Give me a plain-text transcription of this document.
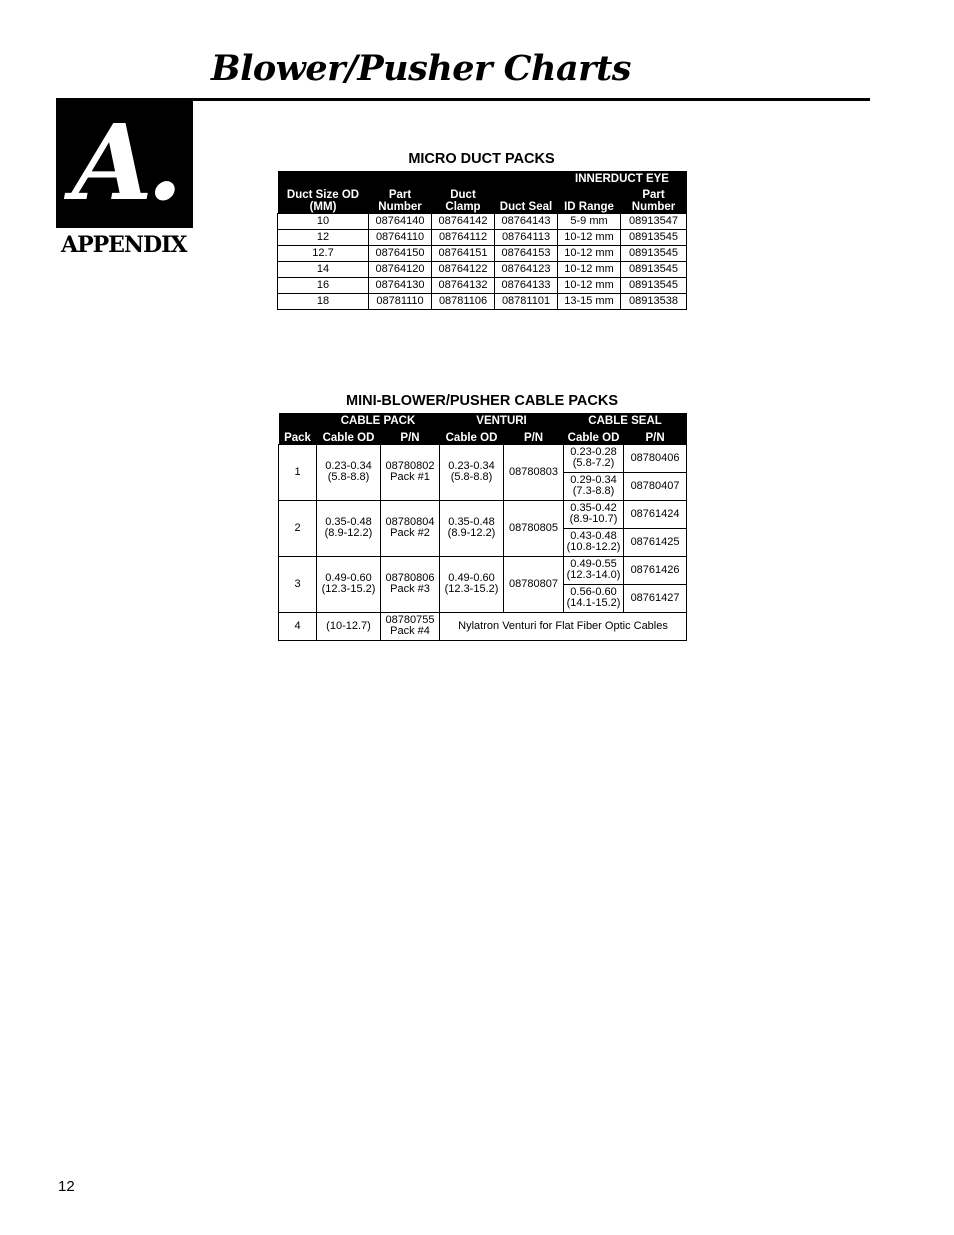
Blower/Pusher Charts
A.
APPENDIX
MICRO DUCT PACKS
				INNERDUCT EYE	
Duct Size OD (MM)	Part Number	Duct Clamp	Duct Seal	ID Range	Part Number
10	08764140	08764142	08764143	5-9 mm	08913547
12	08764110	08764112	08764113	10-12 mm	08913545
12.7	08764150	08764151	08764153	10-12 mm	08913545
14	08764120	08764122	08764123	10-12 mm	08913545
16	08764130	08764132	08764133	10-12 mm	08913545
18	08781110	08781106	08781101	13-15 mm	08913538
MINI-BLOWER/PUSHER CABLE PACKS
	CABLE PACK		VENTURI		CABLE SEAL	
Pack	Cable OD	P/N	Cable OD	P/N	Cable OD	P/N
1	0.23-0.34 (5.8-8.8)	08780802 Pack #1	0.23-0.34 (5.8-8.8)	08780803	0.23-0.28 (5.8-7.2)	08780406
					0.29-0.34 (7.3-8.8)	08780407
2	0.35-0.48 (8.9-12.2)	08780804 Pack #2	0.35-0.48 (8.9-12.2)	08780805	0.35-0.42 (8.9-10.7)	08761424
					0.43-0.48 (10.8-12.2)	08761425
3	0.49-0.60 (12.3-15.2)	08780806 Pack #3	0.49-0.60 (12.3-15.2)	08780807	0.49-0.55 (12.3-14.0)	08761426
					0.56-0.60 (14.1-15.2)	08761427
4	(10-12.7)	08780755 Pack #4	Nylatron Venturi for Flat Fiber Optic Cables			
12
